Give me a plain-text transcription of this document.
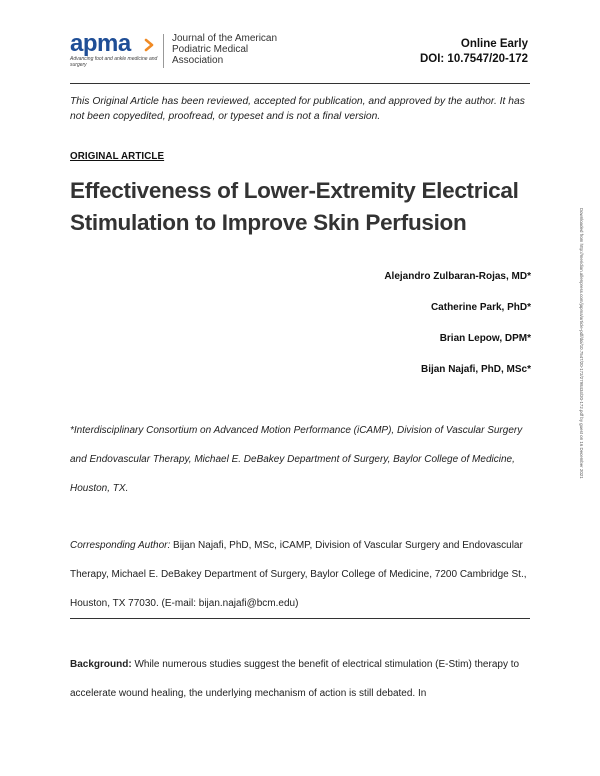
apma
Advancing foot and ankle medicine and surgery
Journal of the American Podiatric Medical Association
Online Early
DOI: 10.7547/20-172
This Original Article has been reviewed, accepted for publication, and approved by the author. It has not been copyedited, proofread, or typeset and is not a final version.
ORIGINAL ARTICLE
Effectiveness of Lower-Extremity Electrical Stimulation to Improve Skin Perfusion
Alejandro Zulbaran-Rojas, MD*
Catherine Park, PhD*
Brian Lepow, DPM*
Bijan Najafi, PhD, MSc*
*Interdisciplinary Consortium on Advanced Motion Performance (iCAMP), Division of Vascular Surgery and Endovascular Therapy, Michael E. DeBakey Department of Surgery, Baylor College of Medicine, Houston, TX.
Corresponding Author: Bijan Najafi, PhD, MSc, iCAMP, Division of Vascular Surgery and Endovascular Therapy, Michael E. DeBakey Department of Surgery, Baylor College of Medicine, 7200 Cambridge St., Houston, TX 77030. (E-mail: bijan.najafi@bcm.edu)
Background: While numerous studies suggest the benefit of electrical stimulation (E-Stim) therapy to accelerate wound healing, the underlying mechanism of action is still debated. In
Downloaded from http://meridian.allenpress.com/japma/article-pdf/doi/10.7547/20-172/2798434/20-172.pdf by guest on 16 December 2021
